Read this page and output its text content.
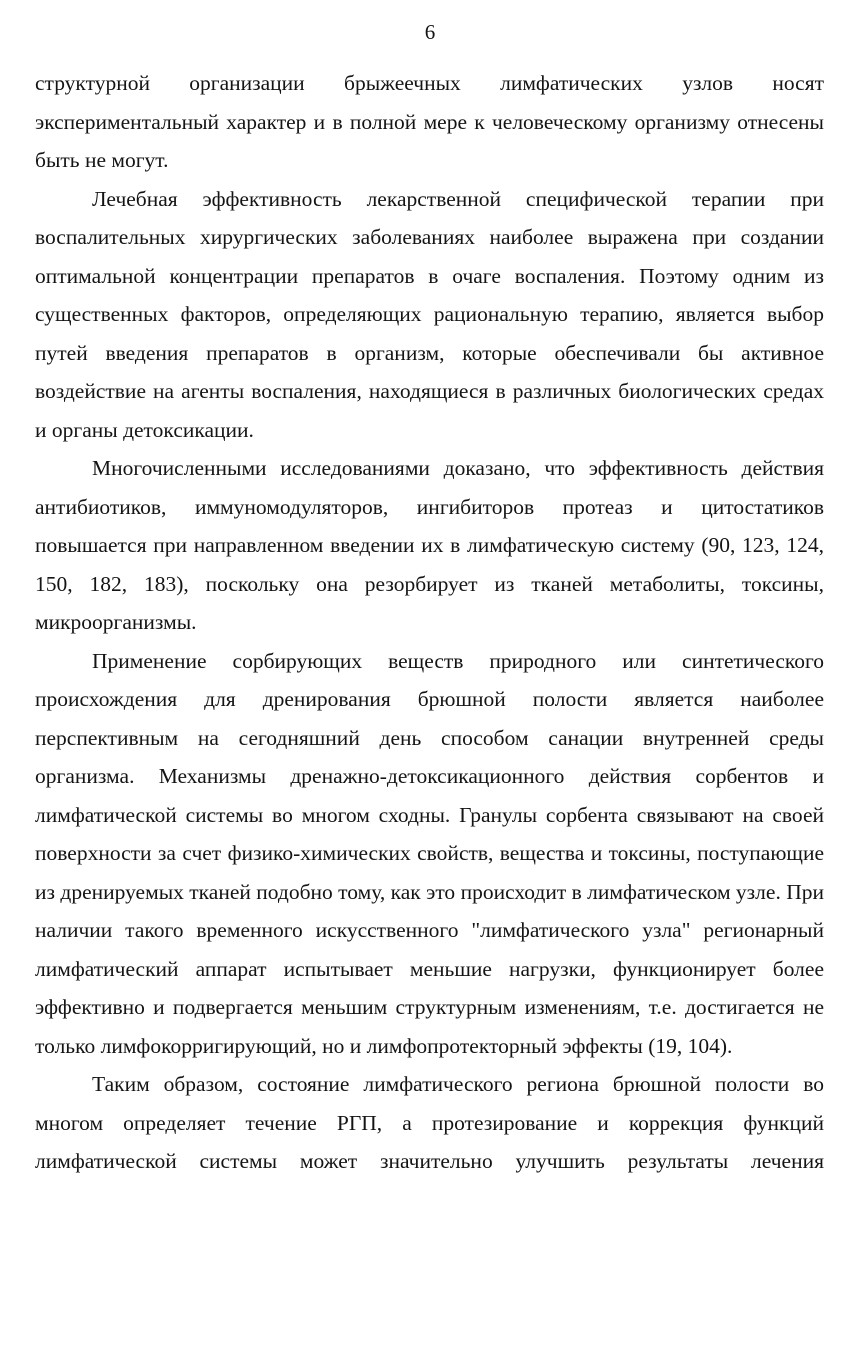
6

структурной организации брыжеечных лимфатических узлов носят экспериментальный характер и в полной мере к человеческому организму отнесены быть не могут.

Лечебная эффективность лекарственной специфической терапии при воспалительных хирургических заболеваниях наиболее выражена при создании оптимальной концентрации препаратов в очаге воспаления. Поэтому одним из существенных факторов, определяющих рациональную терапию, является выбор путей введения препаратов в организм, которые обеспечивали бы активное воздействие на агенты воспаления, находящиеся в различных биологических средах и органы детоксикации.

Многочисленными исследованиями доказано, что эффективность действия антибиотиков, иммуномодуляторов, ингибиторов протеаз и цитостатиков повышается при направленном введении их в лимфатическую систему (90, 123, 124, 150, 182, 183), поскольку она резорбирует из тканей метаболиты, токсины, микроорганизмы.

Применение сорбирующих веществ природного или синтетического происхождения для дренирования брюшной полости является наиболее перспективным на сегодняшний день способом санации внутренней среды организма. Механизмы дренажно-детоксикационного действия сорбентов и лимфатической системы во многом сходны. Гранулы сорбента связывают на своей поверхности за счет физико-химических свойств, вещества и токсины, поступающие из дренируемых тканей подобно тому, как это происходит в лимфатическом узле. При наличии такого временного искусственного "лимфатического узла" регионарный лимфатический аппарат испытывает меньшие нагрузки, функционирует более эффективно и подвергается меньшим структурным изменениям, т.е. достигается не только лимфокорригирующий, но и лимфопротекторный эффекты (19, 104).

Таким образом, состояние лимфатического региона брюшной полости во многом определяет течение РГП, а протезирование и коррекция функций лимфатической системы может значительно улучшить результаты лечения
